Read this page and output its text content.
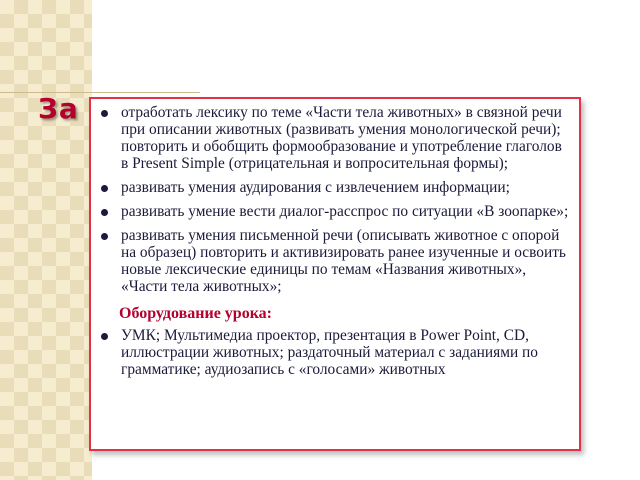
За	отработать лексику по теме «Части тела животных» в связной речи при описании животных (развивать умения монологической речи); повторить и обобщить формообразование и употребление глаголов в Present Simple (отрицательная и вопросительная формы);
развивать умения аудирования с извлечением информации;
развивать умение вести диалог-расспрос по ситуации «В зоопарке»;
развивать умения письменной речи (описывать животное с опорой на образец) повторить и активизировать ранее изученные и освоить новые лексические единицы по темам «Названия животных», «Части тела животных»;
Оборудование урока:
УМК; Мультимедиа проектор, презентация в Power Point, CD, иллюстрации животных; раздаточный материал с заданиями по грамматике; аудиозапись с «голосами» животных
